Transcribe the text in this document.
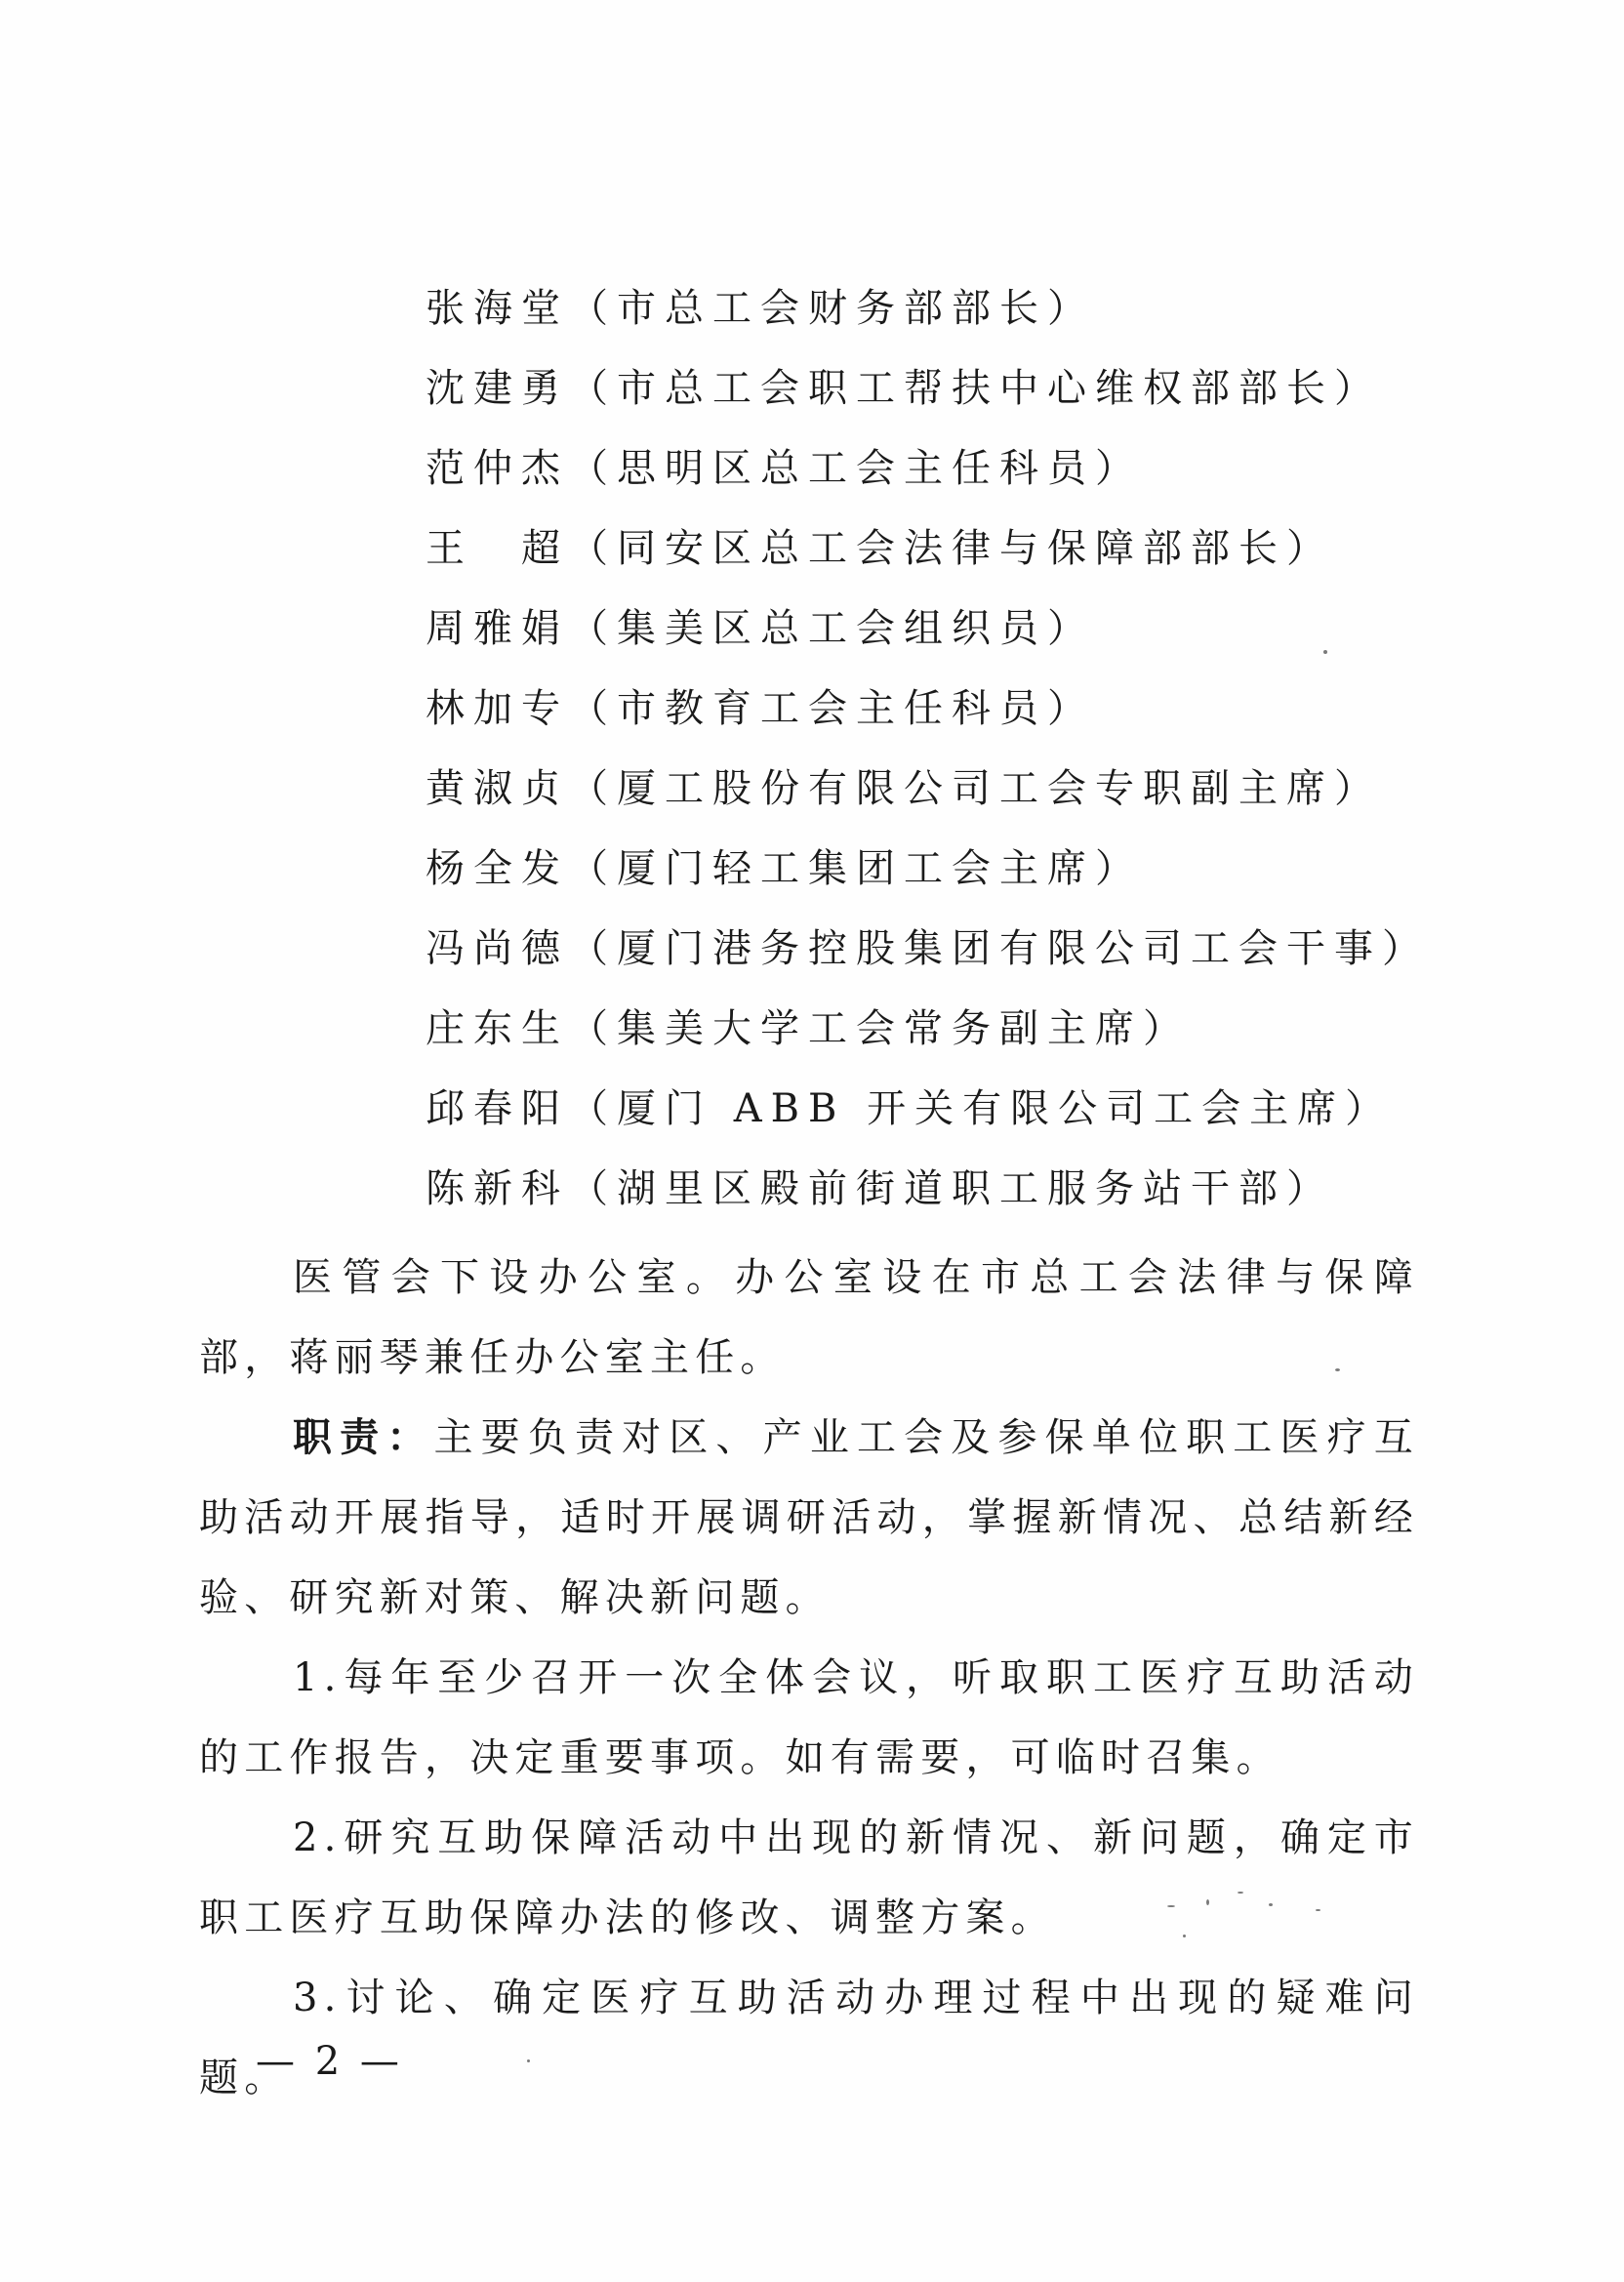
张海堂（市总工会财务部部长）
沈建勇（市总工会职工帮扶中心维权部部长）
范仲杰（思明区总工会主任科员）
王　超（同安区总工会法律与保障部部长）
周雅娟（集美区总工会组织员）
林加专（市教育工会主任科员）
黄淑贞（厦工股份有限公司工会专职副主席）
杨全发（厦门轻工集团工会主席）
冯尚德（厦门港务控股集团有限公司工会干事）
庄东生（集美大学工会常务副主席）
邱春阳（厦门 ABB 开关有限公司工会主席）
陈新科（湖里区殿前街道职工服务站干部）

医管会下设办公室。办公室设在市总工会法律与保障部，蒋丽琴兼任办公室主任。

职责：主要负责对区、产业工会及参保单位职工医疗互助活动开展指导，适时开展调研活动，掌握新情况、总结新经验、研究新对策、解决新问题。

1.每年至少召开一次全体会议，听取职工医疗互助活动的工作报告，决定重要事项。如有需要，可临时召集。

2.研究互助保障活动中出现的新情况、新问题，确定市职工医疗互助保障办法的修改、调整方案。

3.讨论、确定医疗互助活动办理过程中出现的疑难问题。

— 2 —
